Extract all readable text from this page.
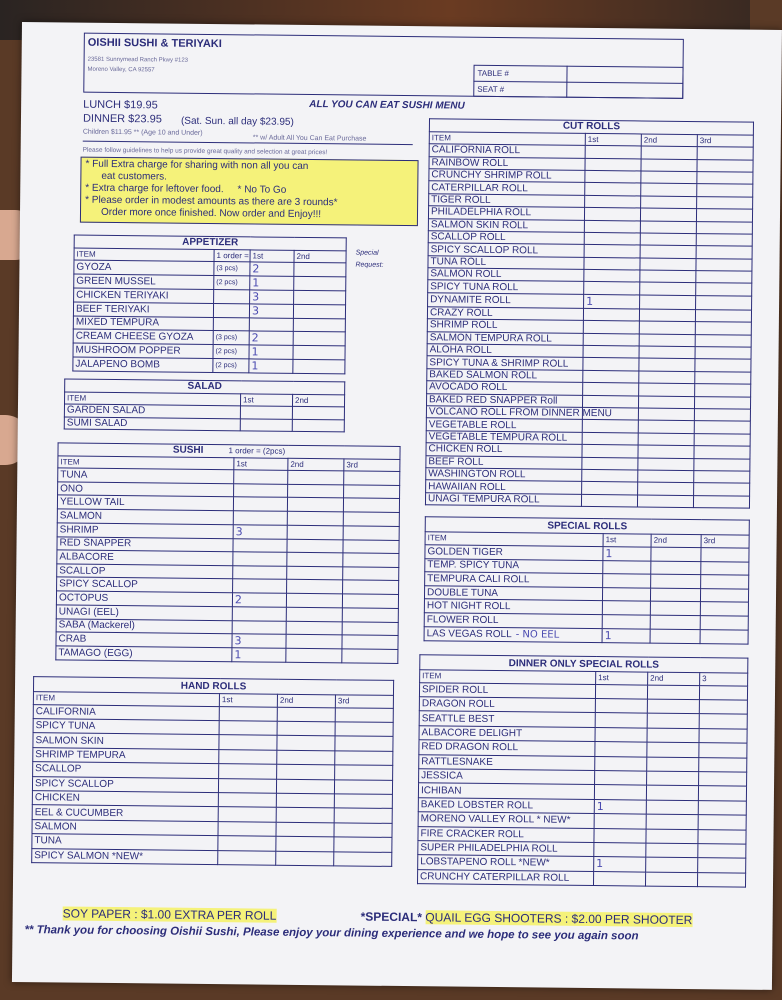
OISHII SUSHI & TERIYAKI
23581 Sunnymead Ranch Pkwy #123
Moreno Valley, CA 92557	TABLE #
SEAT #
ALL YOU CAN EAT SUSHI MENU
LUNCH $19.95
DINNER $23.95 (Sat. Sun. all day $23.95)
Children $11.95 ** (Age 10 and Under)
** w/ Adult All You Can Eat Purchase
Please follow guidelines to help us provide great quality and selection at great prices!
* Full Extra charge for sharing with non all you can
eat customers.
* Extra charge for leftover food. * No To Go
* Please order in modest amounts as there are 3 rounds*
Order more once finished. Now order and Enjoy!!!
Special Request:
APPETIZER			
ITEM	1 order =	1st	2nd
GYOZA	(3 pcs)	2	
GREEN MUSSEL	(2 pcs)	1	
CHICKEN TERIYAKI		3	
BEEF TERIYAKI		3	
MIXED TEMPURA			
CREAM CHEESE GYOZA	(3 pcs)	2	
MUSHROOM POPPER	(2 pcs)	1	
JALAPENO BOMB	(2 pcs)	1	
SALAD		
ITEM	1st	2nd
GARDEN SALAD		
SUMI SALAD		
SUSHI 1 order = (2pcs)			
ITEM	1st	2nd	3rd
TUNA			
ONO			
YELLOW TAIL			
SALMON			
SHRIMP	3		
RED SNAPPER			
ALBACORE			
SCALLOP			
SPICY SCALLOP			
OCTOPUS	2		
UNAGI (EEL)			
SABA (Mackerel)			
CRAB	3		
TAMAGO (EGG)	1		
HAND ROLLS			
ITEM	1st	2nd	3rd
CALIFORNIA			
SPICY TUNA			
SALMON SKIN			
SHRIMP TEMPURA			
SCALLOP			
SPICY SCALLOP			
CHICKEN			
EEL & CUCUMBER			
SALMON			
TUNA			
SPICY SALMON *NEW*			
CUT ROLLS			
ITEM	1st	2nd	3rd
CALIFORNIA ROLL			
RAINBOW ROLL			
CRUNCHY SHRIMP ROLL			
CATERPILLAR ROLL			
TIGER ROLL			
PHILADELPHIA ROLL			
SALMON SKIN ROLL			
SCALLOP ROLL			
SPICY SCALLOP ROLL			
TUNA ROLL			
SALMON ROLL			
SPICY TUNA ROLL			
DYNAMITE ROLL	1		
CRAZY ROLL			
SHRIMP ROLL			
SALMON TEMPURA ROLL			
ALOHA ROLL			
SPICY TUNA & SHRIMP ROLL			
BAKED SALMON ROLL			
AVOCADO ROLL			
BAKED RED SNAPPER Roll			
VOLCANO ROLL FROM DINNER MENU			
VEGETABLE ROLL			
VEGETABLE TEMPURA ROLL			
CHICKEN ROLL			
BEEF ROLL			
WASHINGTON ROLL			
HAWAIIAN ROLL			
UNAGI TEMPURA ROLL			
SPECIAL ROLLS			
ITEM	1st	2nd	3rd
GOLDEN TIGER	1		
TEMP. SPICY TUNA			
TEMPURA CALI ROLL			
DOUBLE TUNA			
HOT NIGHT ROLL			
FLOWER ROLL			
LAS VEGAS ROLL - NO EEL	1		
DINNER ONLY SPECIAL ROLLS			
ITEM	1st	2nd	3
SPIDER ROLL			
DRAGON ROLL			
SEATTLE BEST			
ALBACORE DELIGHT			
RED DRAGON ROLL			
RATTLESNAKE			
JESSICA			
ICHIBAN			
BAKED LOBSTER ROLL	1		
MORENO VALLEY ROLL * NEW*			
FIRE CRACKER ROLL			
SUPER PHILADELPHIA ROLL			
LOBSTAPENO ROLL *NEW*	1		
CRUNCHY CATERPILLAR ROLL			
SOY PAPER : $1.00 EXTRA PER ROLL	*SPECIAL* QUAIL EGG SHOOTERS : $2.00 PER SHOOTER
** Thank you for choosing Oishii Sushi, Please enjoy your dining experience and we hope to see you again soon
